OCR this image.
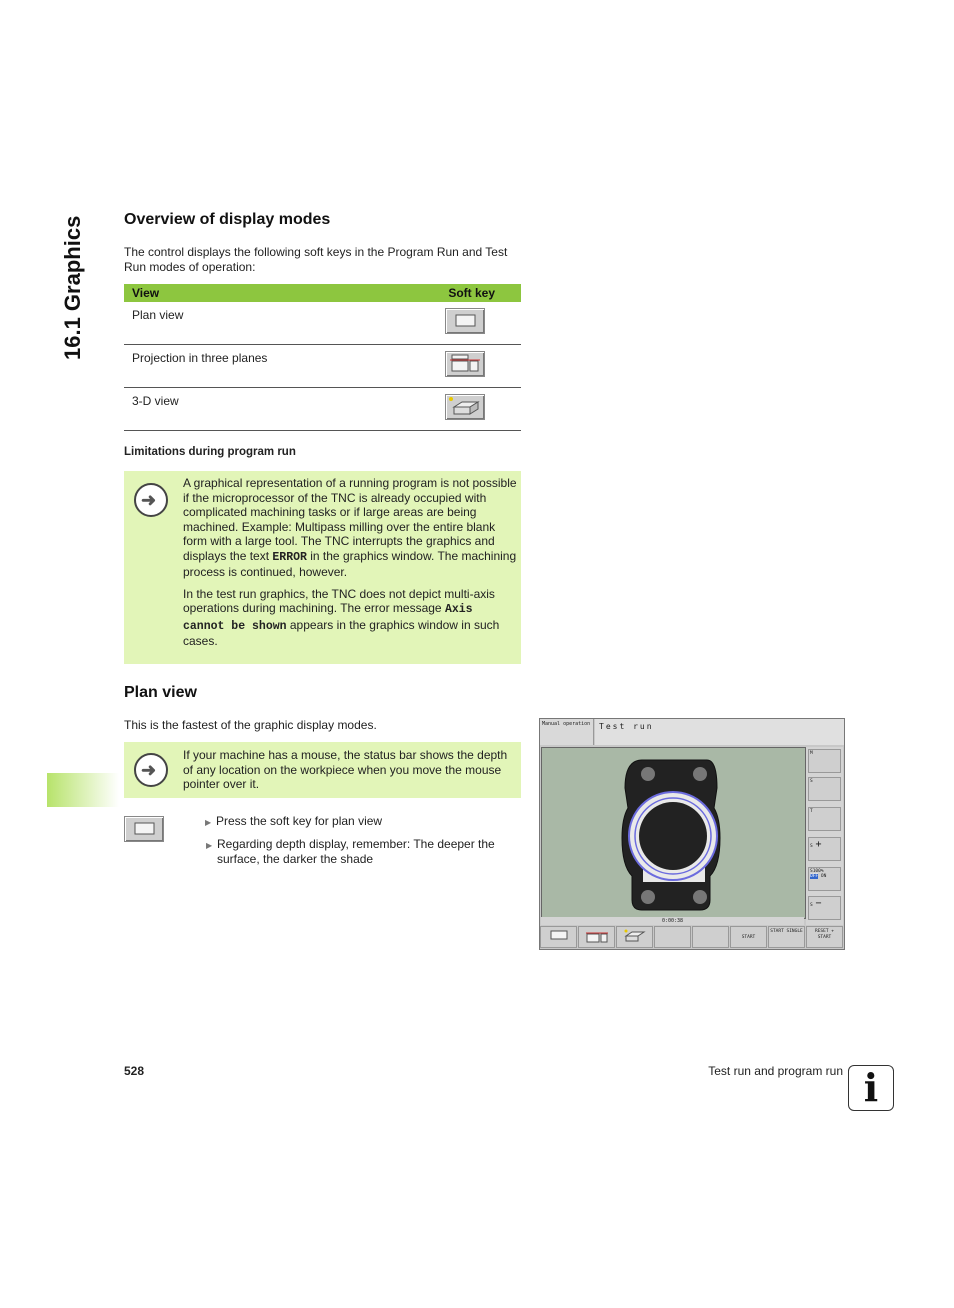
16.1 Graphics Overview of display modes
The control displays the following soft keys in the Program Run and Test Run modes of operation:
View	Soft key
Plan view	
Projection in three planes	
3-D view	
Limitations during program run
➜
A graphical representation of a running program is not possible if the microprocessor of the TNC is already occupied with complicated machining tasks or if large areas are being machined. Example: Multipass milling over the entire blank form with a large tool. The TNC interrupts the graphics and displays the text ERROR in the graphics window. The machining process is continued, however.
In the test run graphics, the TNC does not depict multi-axis operations during machining. The error message Axis cannot be shown appears in the graphics window in such cases.
Plan view
This is the fastest of the graphic display modes.
➜
If your machine has a mouse, the status bar shows the depth of any location on the workpiece when you move the mouse pointer over it.
▶ Press the soft key for plan view
▶ Regarding depth display, remember: The deeper the surface, the darker the shade
Manual operation	Test run
0:00:38
M
S
T
S +
S100%
OFF ON
S −
START
START SINGLE	RESET + START
528	Test run and program run i
